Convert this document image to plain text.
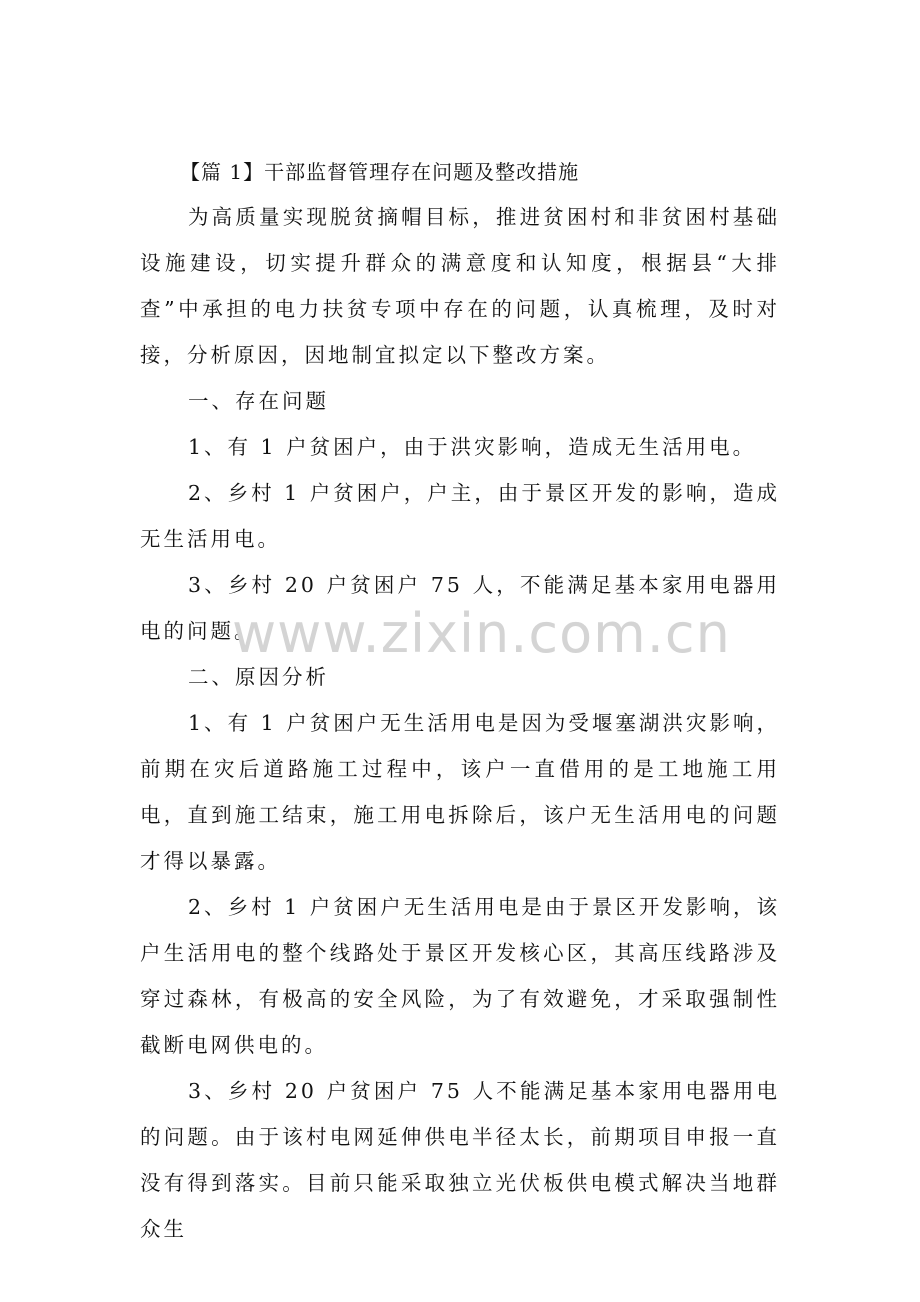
【篇 1】干部监督管理存在问题及整改措施

为高质量实现脱贫摘帽目标，推进贫困村和非贫困村基础设施建设，切实提升群众的满意度和认知度，根据县“大排查”中承担的电力扶贫专项中存在的问题，认真梳理，及时对接，分析原因，因地制宜拟定以下整改方案。

一、存在问题

1、有 1 户贫困户，由于洪灾影响，造成无生活用电。

2、乡村 1 户贫困户，户主，由于景区开发的影响，造成无生活用电。

3、乡村 20 户贫困户 75 人，不能满足基本家用电器用电的问题。

二、原因分析

1、有 1 户贫困户无生活用电是因为受堰塞湖洪灾影响，前期在灾后道路施工过程中，该户一直借用的是工地施工用电，直到施工结束，施工用电拆除后，该户无生活用电的问题才得以暴露。

2、乡村 1 户贫困户无生活用电是由于景区开发影响，该户生活用电的整个线路处于景区开发核心区，其高压线路涉及穿过森林，有极高的安全风险，为了有效避免，才采取强制性截断电网供电的。

3、乡村 20 户贫困户 75 人不能满足基本家用电器用电的问题。由于该村电网延伸供电半径太长，前期项目申报一直没有得到落实。目前只能采取独立光伏板供电模式解决当地群众生

www.zixin.com.cn
